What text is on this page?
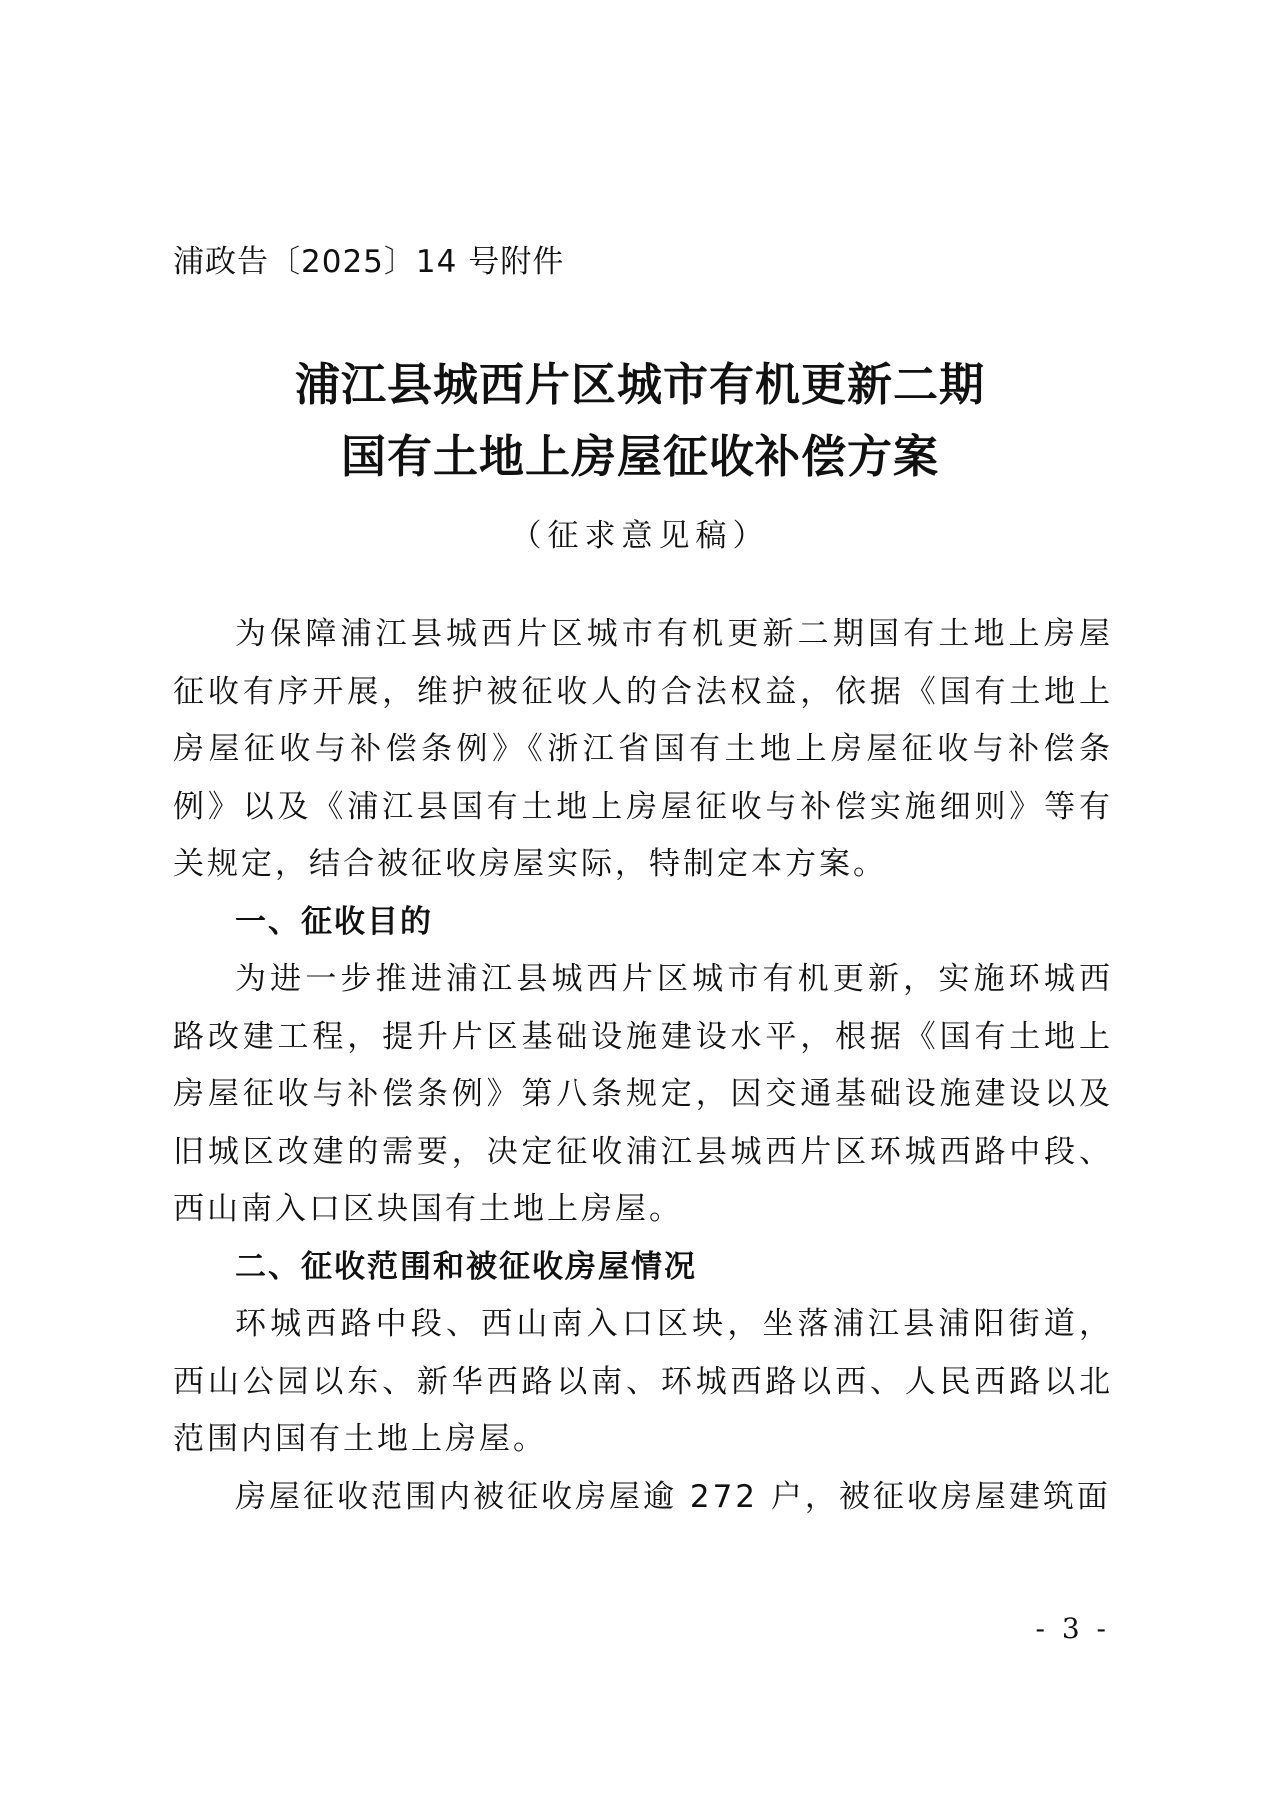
浦政告〔2025〕14 号附件
浦江县城西片区城市有机更新二期
国有土地上房屋征收补偿方案
（征求意见稿）

为保障浦江县城西片区城市有机更新二期国有土地上房屋征收有序开展，维护被征收人的合法权益，依据《国有土地上房屋征收与补偿条例》《浙江省国有土地上房屋征收与补偿条例》以及《浦江县国有土地上房屋征收与补偿实施细则》等有关规定，结合被征收房屋实际，特制定本方案。

一、征收目的

为进一步推进浦江县城西片区城市有机更新，实施环城西路改建工程，提升片区基础设施建设水平，根据《国有土地上房屋征收与补偿条例》第八条规定，因交通基础设施建设以及旧城区改建的需要，决定征收浦江县城西片区环城西路中段、西山南入口区块国有土地上房屋。

二、征收范围和被征收房屋情况

环城西路中段、西山南入口区块，坐落浦江县浦阳街道，西山公园以东、新华西路以南、环城西路以西、人民西路以北范围内国有土地上房屋。

房屋征收范围内被征收房屋逾 272 户，被征收房屋建筑面

- 3 -
